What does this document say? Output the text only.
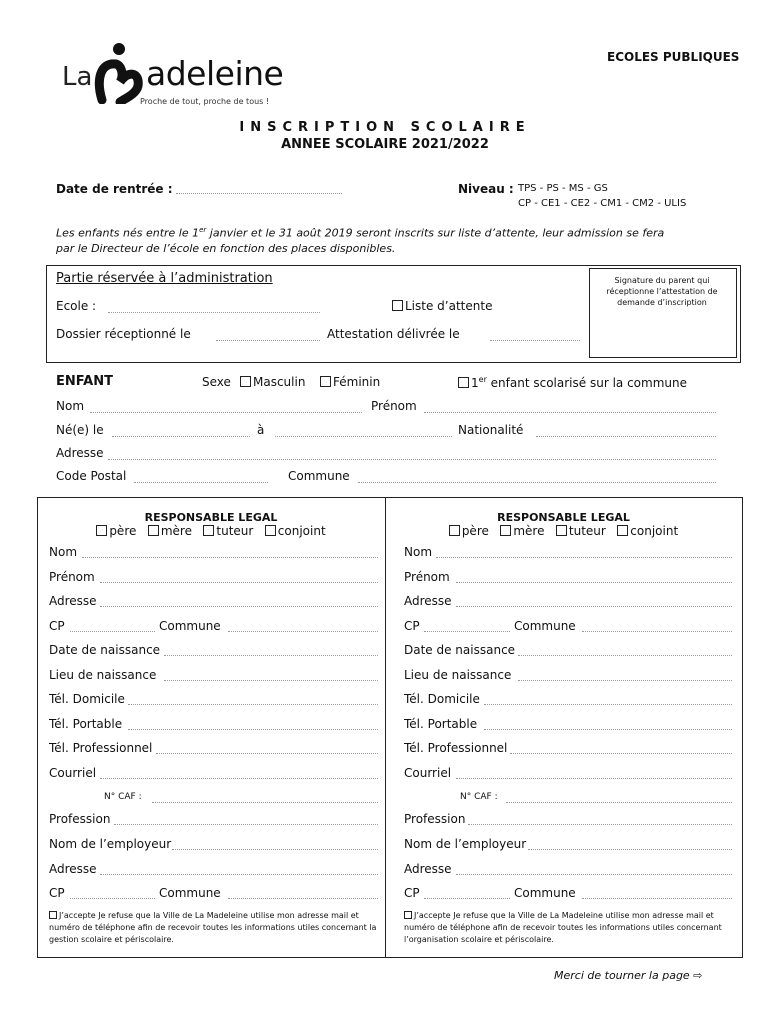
La adeleine
Proche de tout, proche de tous !
ECOLES PUBLIQUES
INSCRIPTION SCOLAIRE
ANNEE SCOLAIRE 2021/2022
Date de rentrée :	Niveau : TPS - PS - MS - GS
CP - CE1 - CE2 - CM1 - CM2 - ULIS
Les enfants nés entre le 1er janvier et le 31 août 2019 seront inscrits sur liste d’attente, leur admission se fera
par le Directeur de l’école en fonction des places disponibles.
Partie réservée à l’administration
Ecole :	Liste d’attente
Dossier réceptionné le	Attestation délivrée le
Signature du parent qui réceptionne l’attestation de demande d’inscription
ENFANT	Sexe	Masculin	Féminin	1er enfant scolarisé sur la commune
Nom	Prénom
Né(e) le	à	Nationalité
Adresse
Code Postal	Commune
RESPONSABLE LEGAL
père mère tuteur conjoint
Nom
Prénom
Adresse
CP	Commune
Date de naissance
Lieu de naissance
Tél. Domicile
Tél. Portable
Tél. Professionnel
Courriel
N° CAF :
Profession
Nom de l’employeur
Adresse
CP	Commune
J’accepte Je refuse que la Ville de La Madeleine utilise mon adresse mail et numéro de téléphone afin de recevoir toutes les informations utiles concernant la gestion scolaire et périscolaire.
RESPONSABLE LEGAL
père mère tuteur conjoint
Nom
Prénom
Adresse
CP	Commune
Date de naissance
Lieu de naissance
Tél. Domicile
Tél. Portable
Tél. Professionnel
Courriel
N° CAF :
Profession
Nom de l’employeur
Adresse
CP	Commune
J’accepte Je refuse que la Ville de La Madeleine utilise mon adresse mail et numéro de téléphone afin de recevoir toutes les informations utiles concernant l’organisation scolaire et périscolaire.
Merci de tourner la page ⇨
